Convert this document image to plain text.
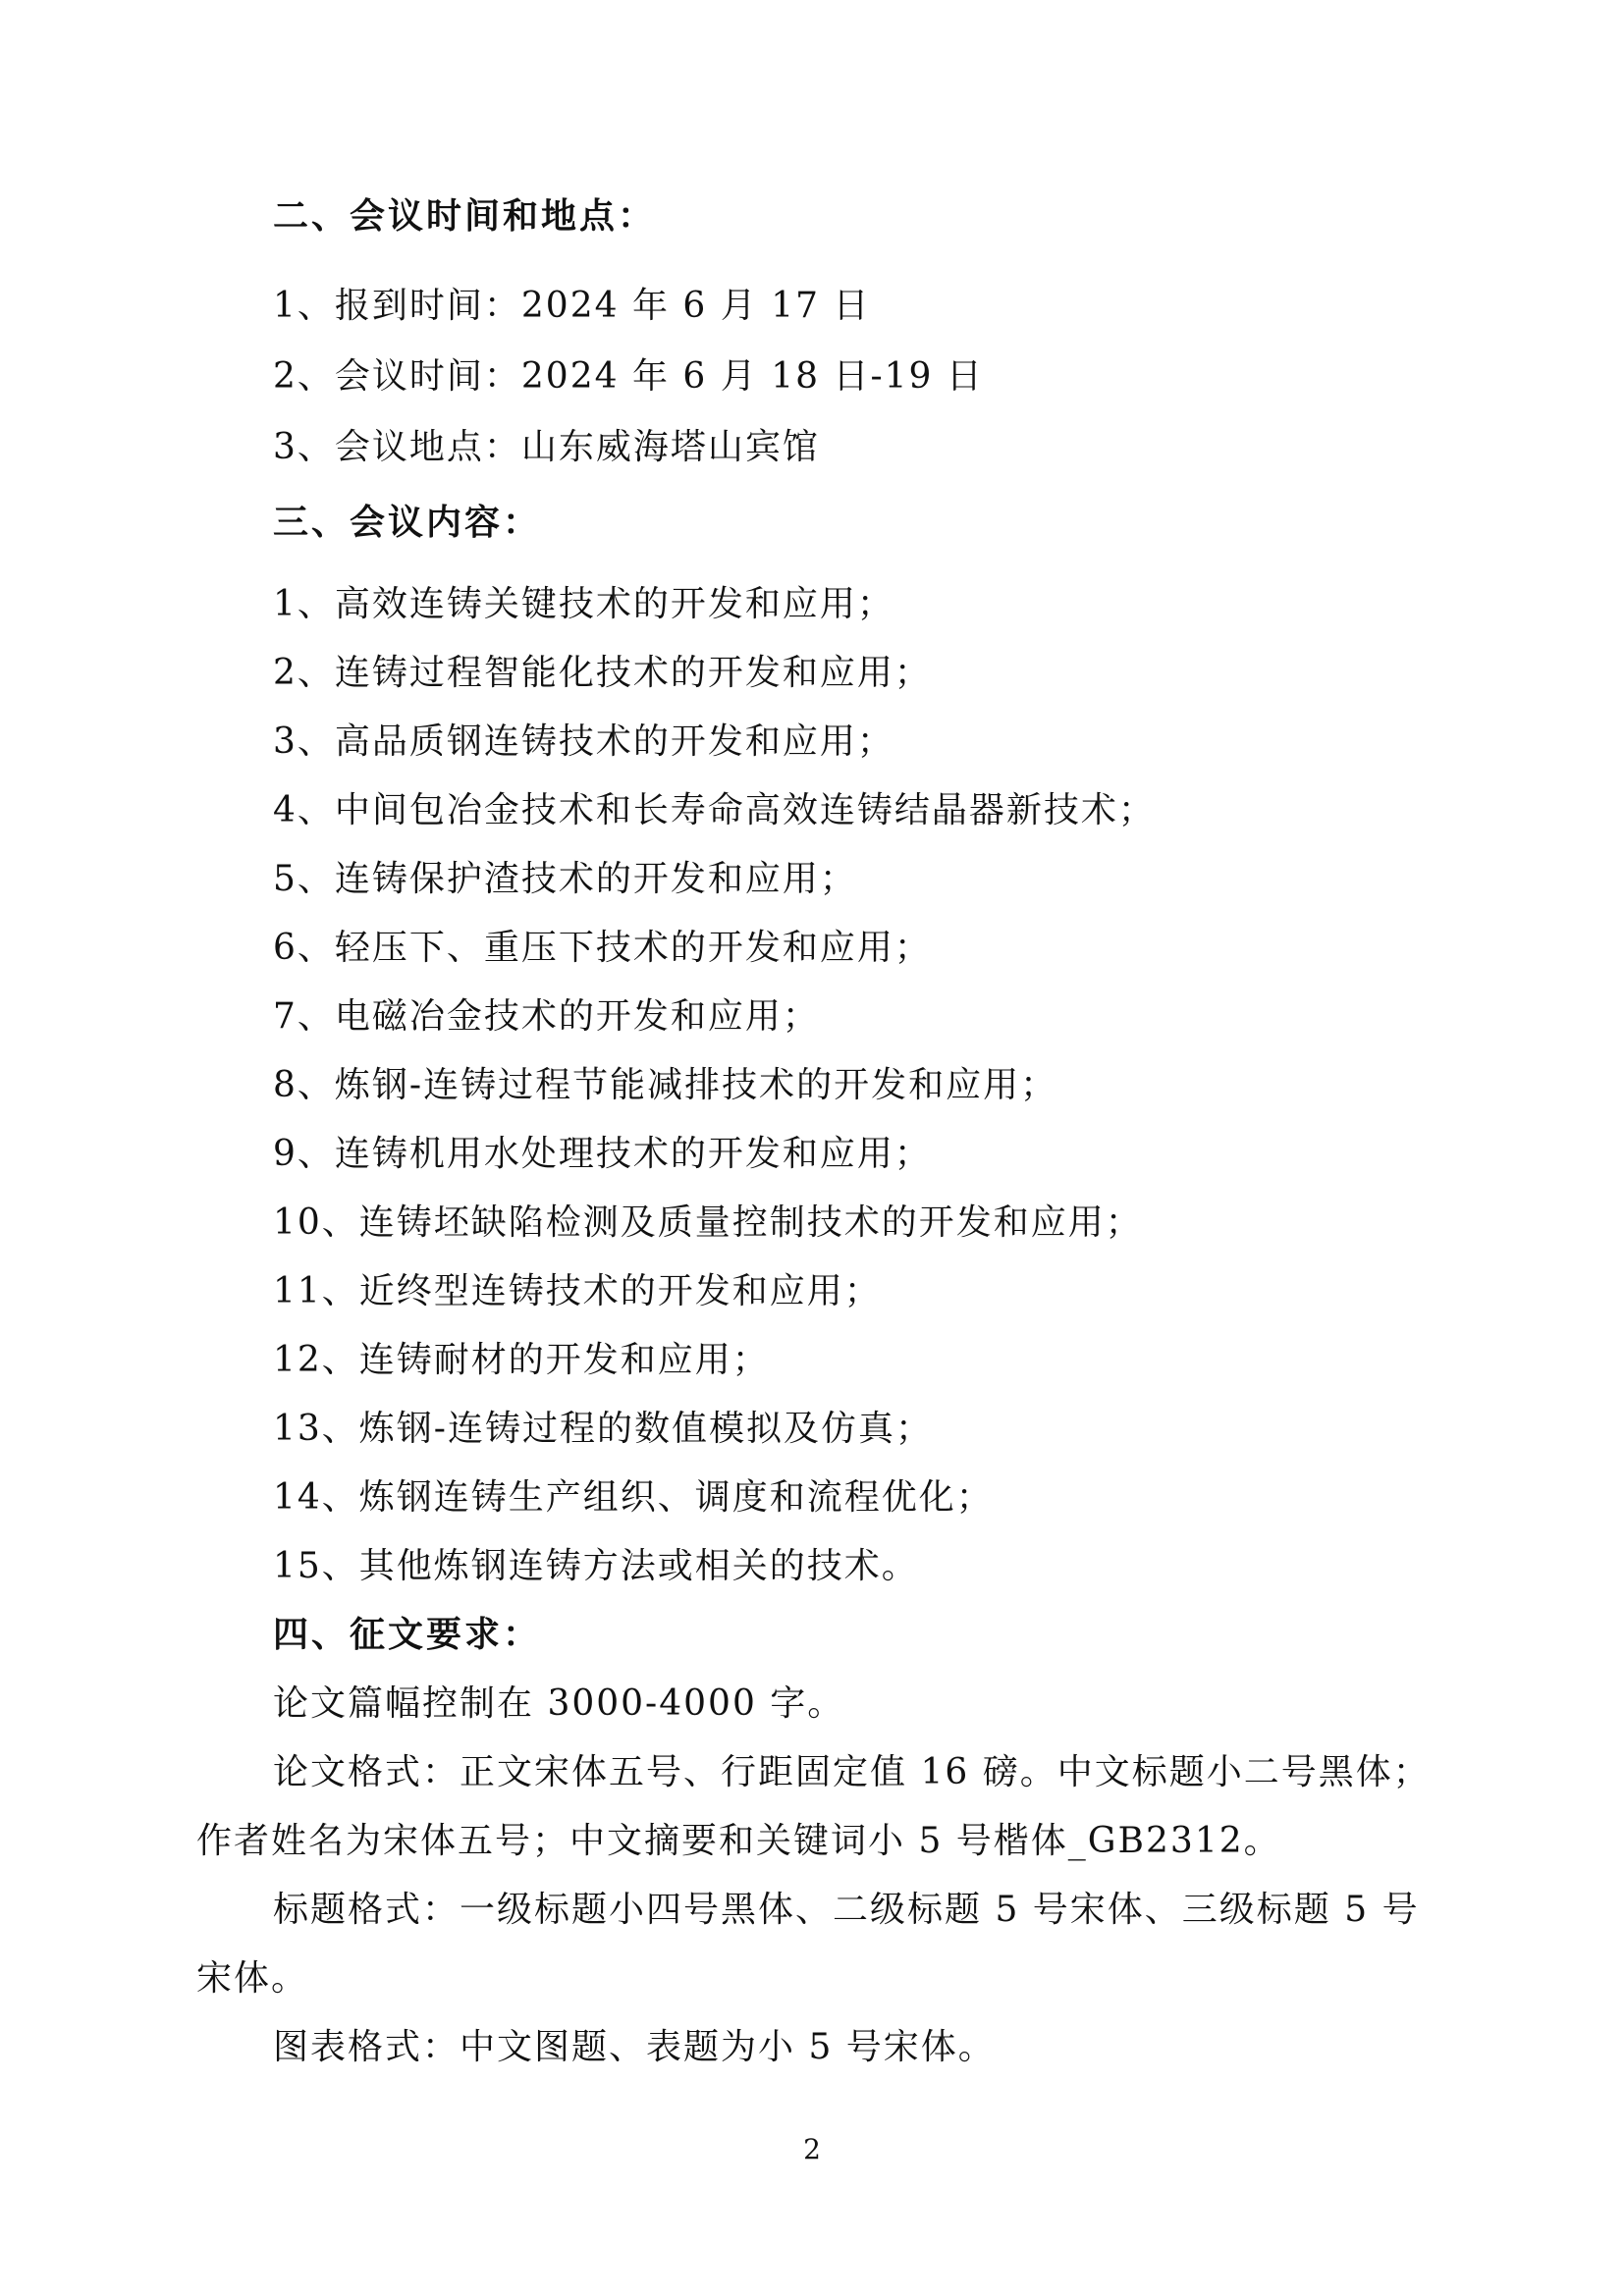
二、会议时间和地点：
1、报到时间：2024 年 6 月 17 日
2、会议时间：2024 年 6 月 18 日-19 日
3、会议地点：山东威海塔山宾馆
三、会议内容：
1、高效连铸关键技术的开发和应用；
2、连铸过程智能化技术的开发和应用；
3、高品质钢连铸技术的开发和应用；
4、中间包冶金技术和长寿命高效连铸结晶器新技术；
5、连铸保护渣技术的开发和应用；
6、轻压下、重压下技术的开发和应用；
7、电磁冶金技术的开发和应用；
8、炼钢-连铸过程节能减排技术的开发和应用；
9、连铸机用水处理技术的开发和应用；
10、连铸坯缺陷检测及质量控制技术的开发和应用；
11、近终型连铸技术的开发和应用；
12、连铸耐材的开发和应用；
13、炼钢-连铸过程的数值模拟及仿真；
14、炼钢连铸生产组织、调度和流程优化；
15、其他炼钢连铸方法或相关的技术。
四、征文要求：
论文篇幅控制在 3000-4000 字。
论文格式：正文宋体五号、行距固定值 16 磅。中文标题小二号黑体；
作者姓名为宋体五号；中文摘要和关键词小 5 号楷体_GB2312。
标题格式：一级标题小四号黑体、二级标题 5 号宋体、三级标题 5 号
宋体。
图表格式：中文图题、表题为小 5 号宋体。
2
